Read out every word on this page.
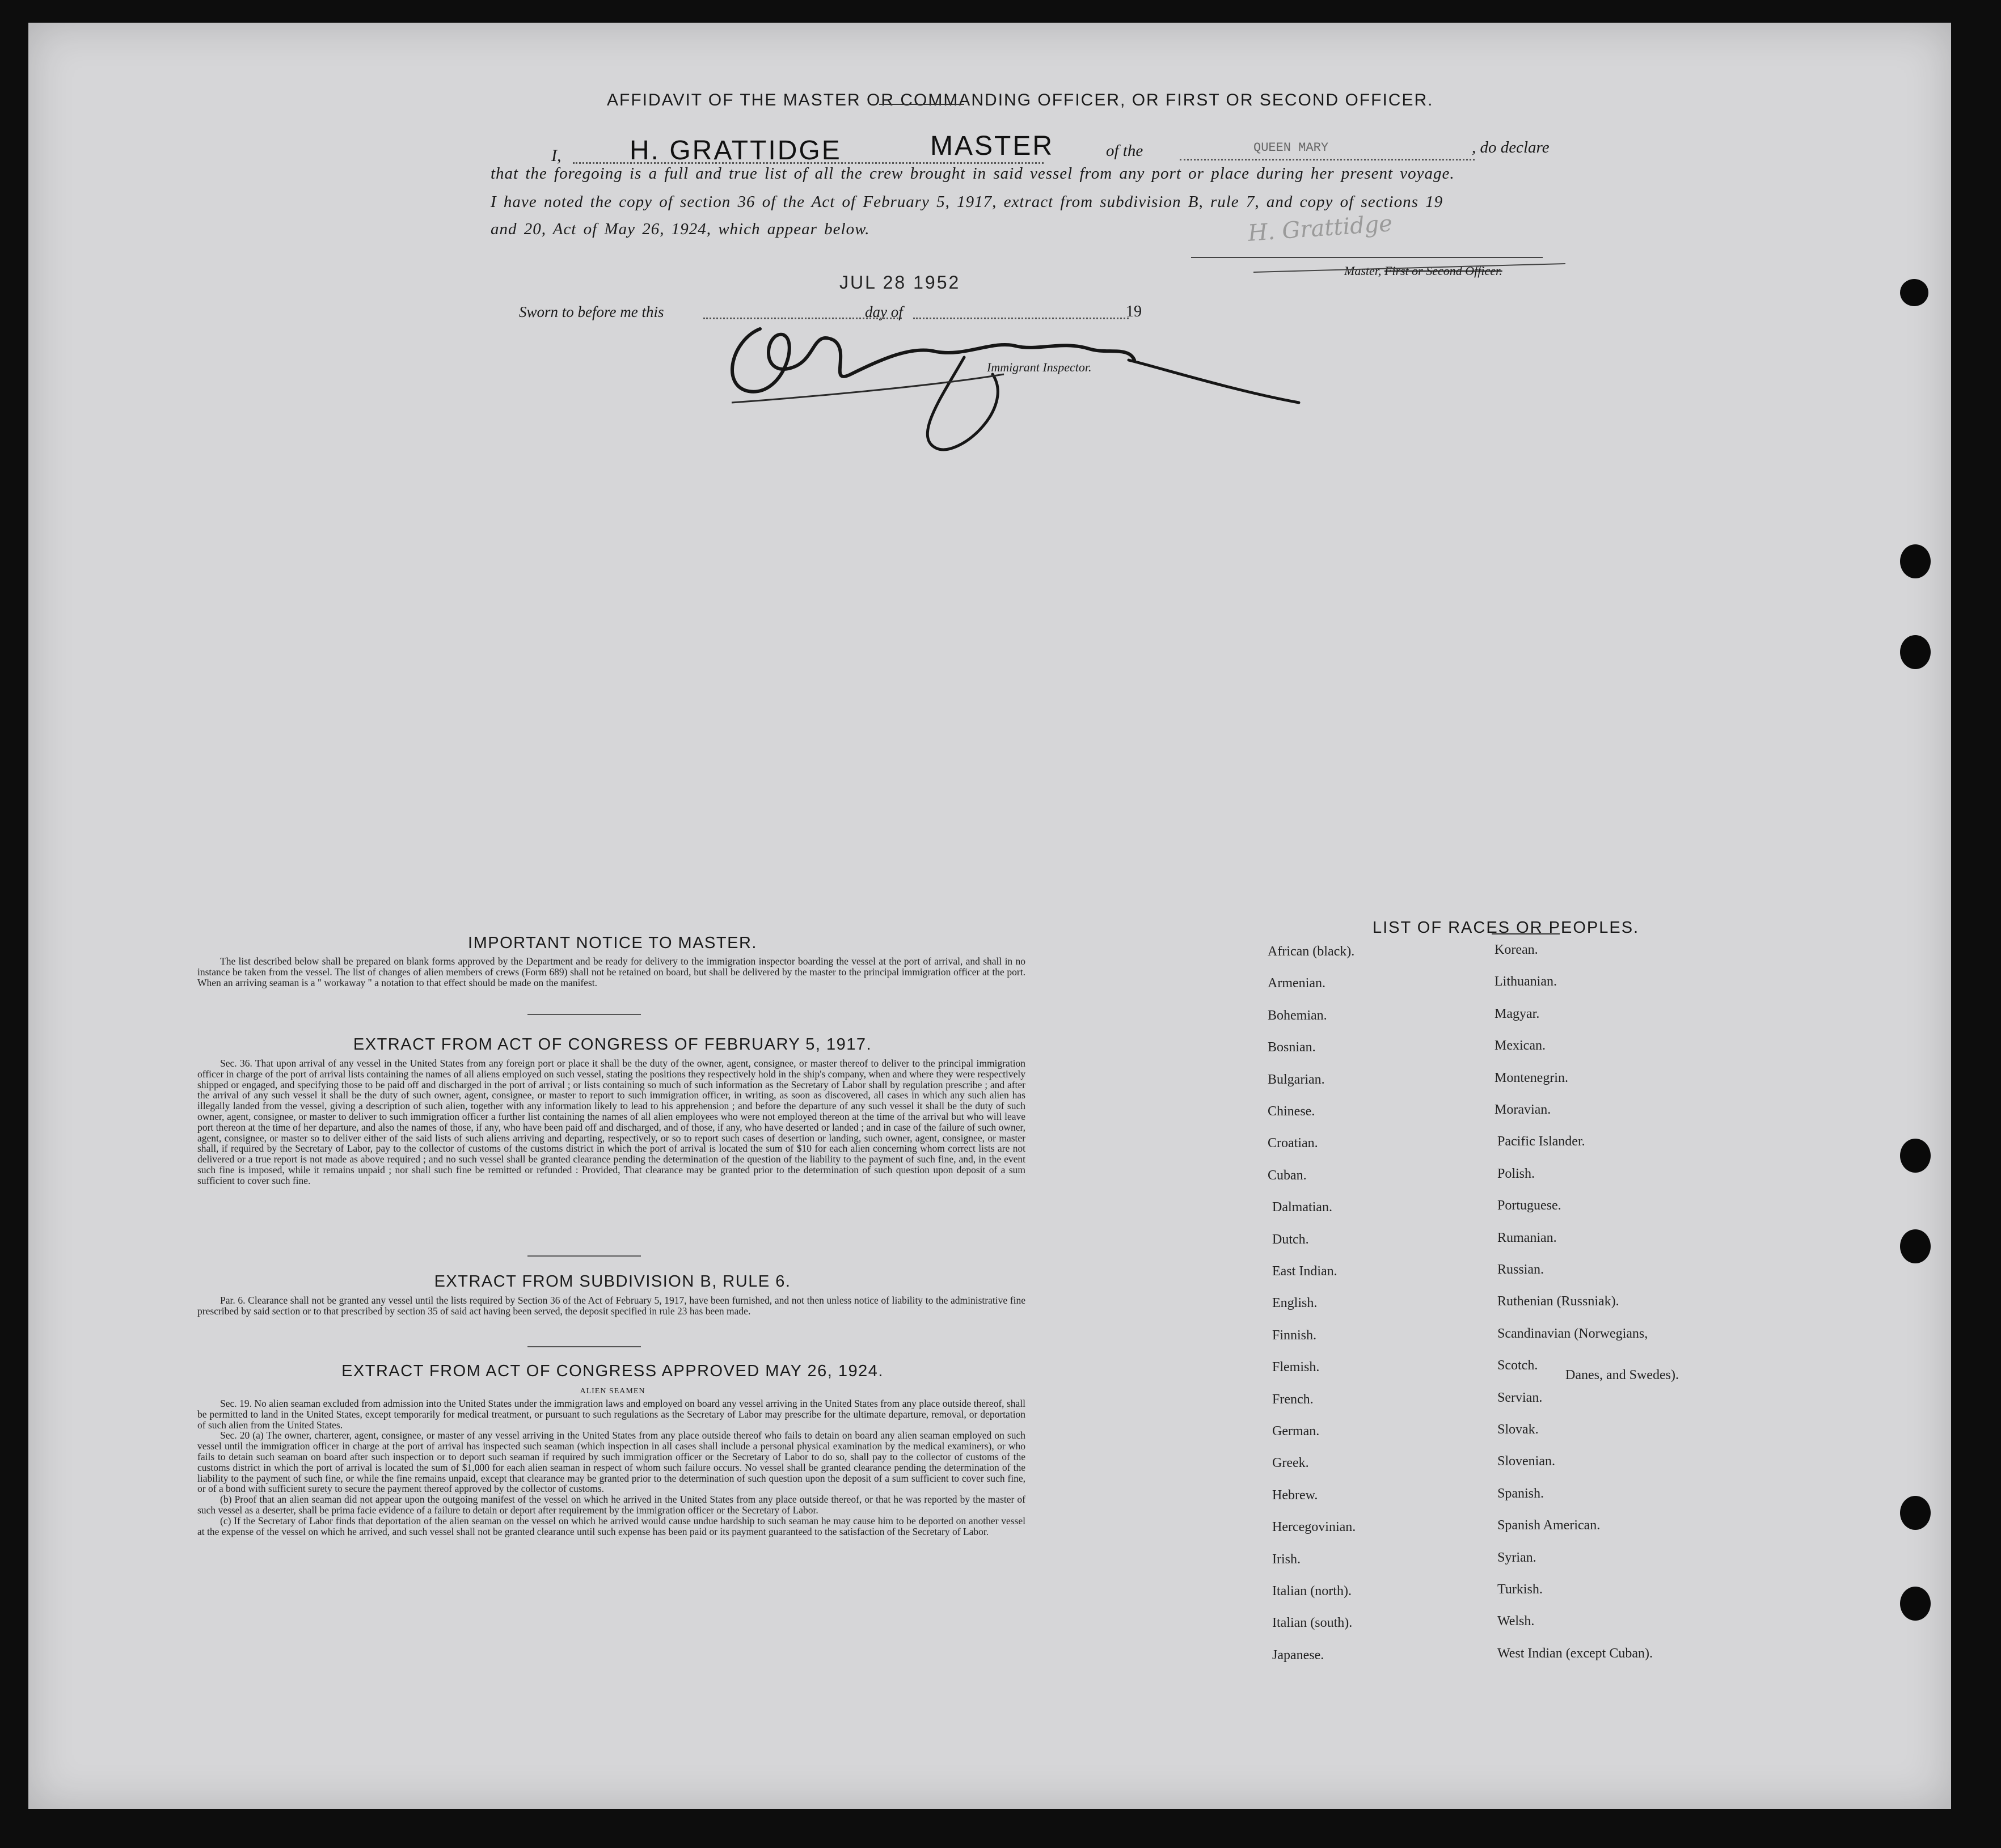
AFFIDAVIT OF THE MASTER OR COMMANDING OFFICER, OR FIRST OR SECOND OFFICER.
I,	H. GRATTIDGE	MASTER	of the	QUEEN MARY	, do declare
that the foregoing is a full and true list of all the crew brought in said vessel from any port or place during her present voyage.
I have noted the copy of section 36 of the Act of February 5, 1917, extract from subdivision B, rule 7, and copy of sections 19
and 20, Act of May 26, 1924, which appear below.	H. Grattidge
Master, First or Second Officer.
JUL 28 1952
Sworn to before me this	day of	19
Immigrant Inspector.
IMPORTANT NOTICE TO MASTER.

The list described below shall be prepared on blank forms approved by the Department and be ready for delivery to the immigration inspector boarding the vessel at the port of arrival, and shall in no instance be taken from the vessel. The list of changes of alien members of crews (Form 689) shall not be retained on board, but shall be delivered by the master to the principal immigration officer at the port. When an arriving seaman is a " workaway " a notation to that effect should be made on the manifest.

EXTRACT FROM ACT OF CONGRESS OF FEBRUARY 5, 1917.

Sec. 36. That upon arrival of any vessel in the United States from any foreign port or place it shall be the duty of the owner, agent, consignee, or master thereof to deliver to the principal immigration officer in charge of the port of arrival lists containing the names of all aliens employed on such vessel, stating the positions they respectively hold in the ship's company, when and where they were respectively shipped or engaged, and specifying those to be paid off and discharged in the port of arrival ; or lists containing so much of such information as the Secretary of Labor shall by regulation prescribe ; and after the arrival of any such vessel it shall be the duty of such owner, agent, consignee, or master to report to such immigration officer, in writing, as soon as discovered, all cases in which any such alien has illegally landed from the vessel, giving a description of such alien, together with any information likely to lead to his apprehension ; and before the departure of any such vessel it shall be the duty of such owner, agent, consignee, or master to deliver to such immigration officer a further list containing the names of all alien employees who were not employed thereon at the time of the arrival but who will leave port thereon at the time of her departure, and also the names of those, if any, who have been paid off and discharged, and of those, if any, who have deserted or landed ; and in case of the failure of such owner, agent, consignee, or master so to deliver either of the said lists of such aliens arriving and departing, respectively, or so to report such cases of desertion or landing, such owner, agent, consignee, or master shall, if required by the Secretary of Labor, pay to the collector of customs of the customs district in which the port of arrival is located the sum of $10 for each alien concerning whom correct lists are not delivered or a true report is not made as above required ; and no such vessel shall be granted clearance pending the determination of the question of the liability to the payment of such fine, and, in the event such fine is imposed, while it remains unpaid ; nor shall such fine be remitted or refunded : Provided, That clearance may be granted prior to the determination of such question upon deposit of a sum sufficient to cover such fine.

EXTRACT FROM SUBDIVISION B, RULE 6.

Par. 6. Clearance shall not be granted any vessel until the lists required by Section 36 of the Act of February 5, 1917, have been furnished, and not then unless notice of liability to the administrative fine prescribed by said section or to that prescribed by section 35 of said act having been served, the deposit specified in rule 23 has been made.

EXTRACT FROM ACT OF CONGRESS APPROVED MAY 26, 1924.
ALIEN SEAMEN

Sec. 19. No alien seaman excluded from admission into the United States under the immigration laws and employed on board any vessel arriving in the United States from any place outside thereof, shall be permitted to land in the United States, except temporarily for medical treatment, or pursuant to such regulations as the Secretary of Labor may prescribe for the ultimate departure, removal, or deportation of such alien from the United States.

Sec. 20 (a) The owner, charterer, agent, consignee, or master of any vessel arriving in the United States from any place outside thereof who fails to detain on board any alien seaman employed on such vessel until the immigration officer in charge at the port of arrival has inspected such seaman (which inspection in all cases shall include a personal physical examination by the medical examiners), or who fails to detain such seaman on board after such inspection or to deport such seaman if required by such immigration officer or the Secretary of Labor to do so, shall pay to the collector of customs of the customs district in which the port of arrival is located the sum of $1,000 for each alien seaman in respect of whom such failure occurs. No vessel shall be granted clearance pending the determination of the liability to the payment of such fine, or while the fine remains unpaid, except that clearance may be granted prior to the determination of such question upon the deposit of a sum sufficient to cover such fine, or of a bond with sufficient surety to secure the payment thereof approved by the collector of customs.

(b) Proof that an alien seaman did not appear upon the outgoing manifest of the vessel on which he arrived in the United States from any place outside thereof, or that he was reported by the master of such vessel as a deserter, shall be prima facie evidence of a failure to detain or deport after requirement by the immigration officer or the Secretary of Labor.

(c) If the Secretary of Labor finds that deportation of the alien seaman on the vessel on which he arrived would cause undue hardship to such seaman he may cause him to be deported on another vessel at the expense of the vessel on which he arrived, and such vessel shall not be granted clearance until such expense has been paid or its payment guaranteed to the satisfaction of the Secretary of Labor.

LIST OF RACES OR PEOPLES.
Danes, and Swedes).
African (black).
Armenian.
Bohemian.
Bosnian.
Bulgarian.
Chinese.
Croatian.
Cuban.
Dalmatian.
Dutch.
East Indian.
English.
Finnish.
Flemish.
French.
German.
Greek.
Hebrew.
Hercegovinian.
Irish.
Italian (north).
Italian (south).
Japanese.
Korean.
Lithuanian.
Magyar.
Mexican.
Montenegrin.
Moravian.
Pacific Islander.
Polish.
Portuguese.
Rumanian.
Russian.
Ruthenian (Russniak).
Scandinavian (Norwegians,
Scotch.
Servian.
Slovak.
Slovenian.
Spanish.
Spanish American.
Syrian.
Turkish.
Welsh.
West Indian (except Cuban).
